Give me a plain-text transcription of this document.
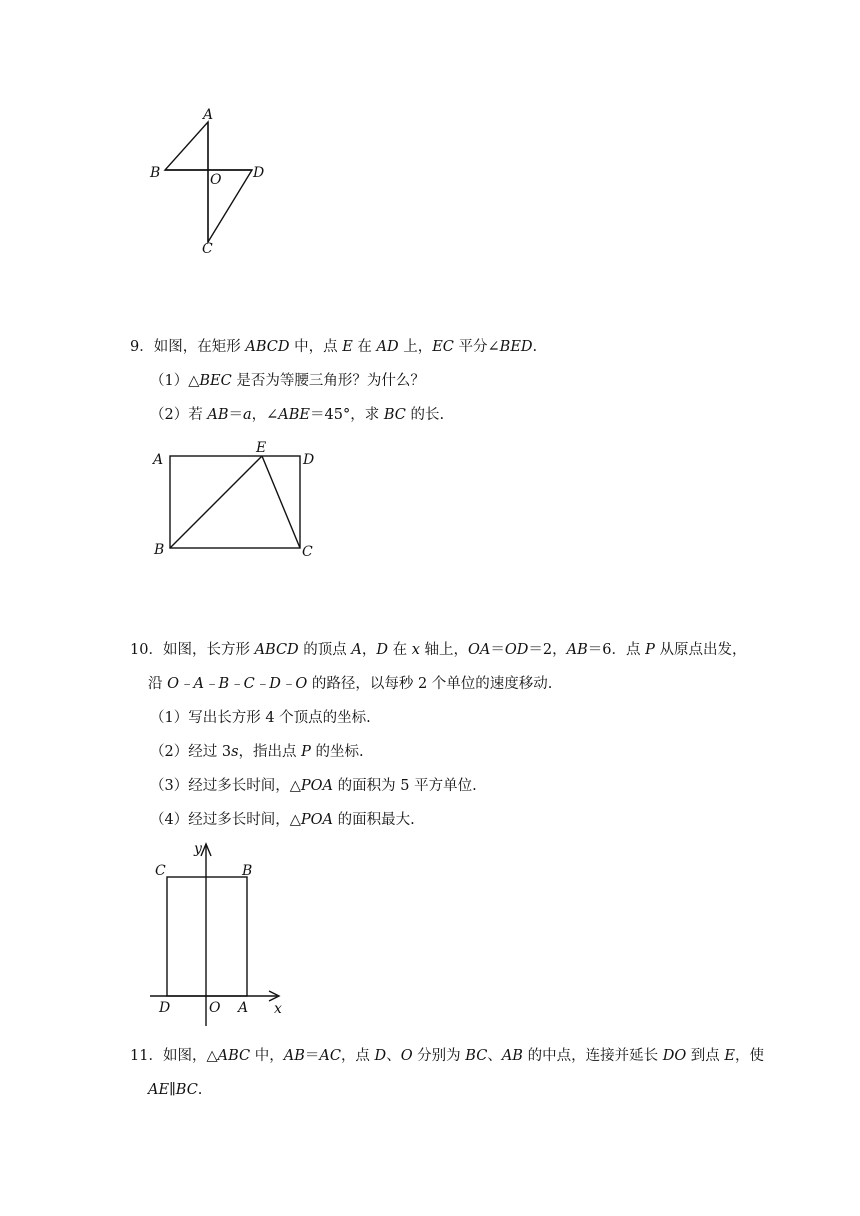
A
B	D
O
C
9．如图，在矩形 ABCD 中，点 E 在 AD 上，EC 平分∠BED.
（1）△BEC 是否为等腰三角形？为什么？
（2）若 AB＝a，∠ABE＝45°，求 BC 的长.
A
E
D
B	C
10．如图，长方形 ABCD 的顶点 A，D 在 x 轴上，OA＝OD＝2，AB＝6．点 P 从原点出发，
沿 O﹣A﹣B﹣C﹣D﹣O 的路径，以每秒 2 个单位的速度移动.
（1）写出长方形 4 个顶点的坐标.
（2）经过 3s，指出点 P 的坐标.
（3）经过多长时间，△POA 的面积为 5 平方单位.
（4）经过多长时间，△POA 的面积最大.
y
C	B
D	O A x
11．如图，△ABC 中，AB＝AC，点 D、O 分别为 BC、AB 的中点，连接并延长 DO 到点 E，使
AE∥BC.
